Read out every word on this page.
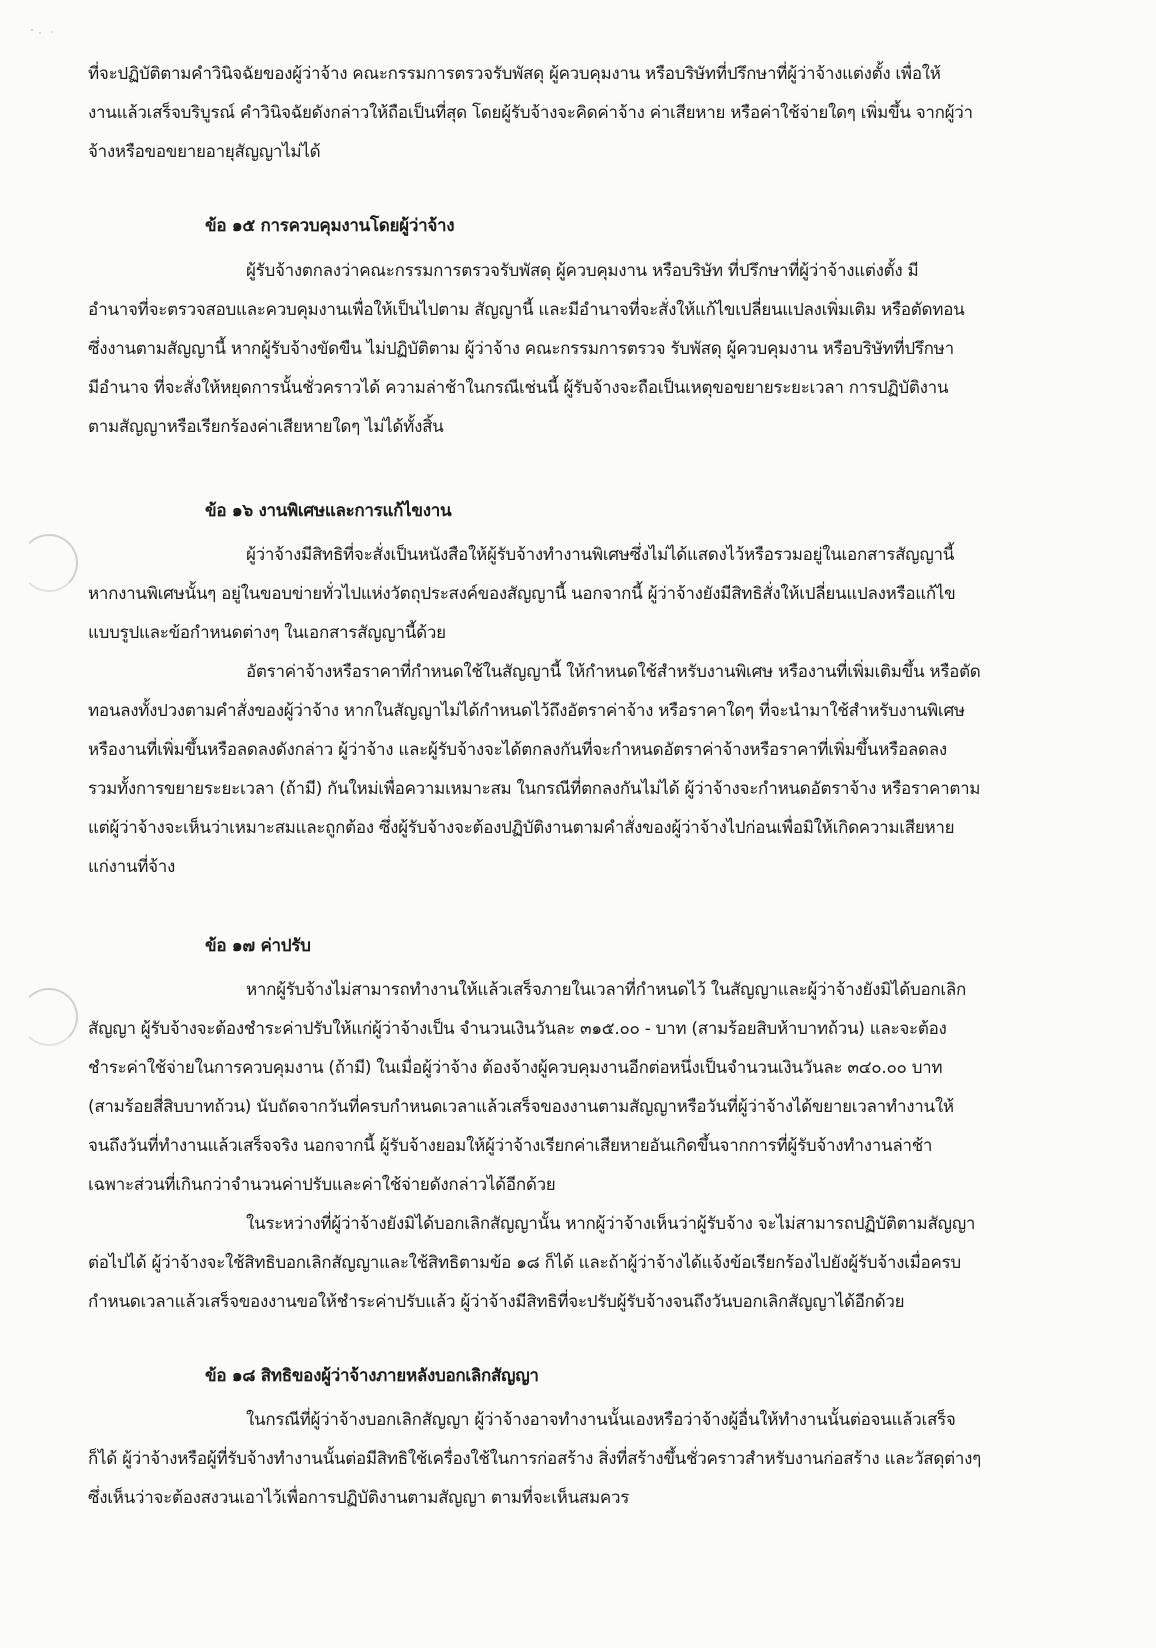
ที่จะปฏิบัติตามคำวินิจฉัยของผู้ว่าจ้าง คณะกรรมการตรวจรับพัสดุ ผู้ควบคุมงาน หรือบริษัทที่ปรึกษาที่ผู้ว่าจ้างแต่งตั้ง เพื่อให้
งานแล้วเสร็จบริบูรณ์ คำวินิจฉัยดังกล่าวให้ถือเป็นที่สุด โดยผู้รับจ้างจะคิดค่าจ้าง ค่าเสียหาย หรือค่าใช้จ่ายใดๆ เพิ่มขึ้น จากผู้ว่า
จ้างหรือขอขยายอายุสัญญาไม่ได้
ข้อ ๑๕ การควบคุมงานโดยผู้ว่าจ้าง
ผู้รับจ้างตกลงว่าคณะกรรมการตรวจรับพัสดุ ผู้ควบคุมงาน หรือบริษัท ที่ปรึกษาที่ผู้ว่าจ้างแต่งตั้ง มี
อำนาจที่จะตรวจสอบและควบคุมงานเพื่อให้เป็นไปตาม สัญญานี้ และมีอำนาจที่จะสั่งให้แก้ไขเปลี่ยนแปลงเพิ่มเติม หรือตัดทอน
ซึ่งงานตามสัญญานี้ หากผู้รับจ้างขัดขืน ไม่ปฏิบัติตาม ผู้ว่าจ้าง คณะกรรมการตรวจ รับพัสดุ ผู้ควบคุมงาน หรือบริษัทที่ปรึกษา
มีอำนาจ ที่จะสั่งให้หยุดการนั้นชั่วคราวได้ ความล่าช้าในกรณีเช่นนี้ ผู้รับจ้างจะถือเป็นเหตุขอขยายระยะเวลา การปฏิบัติงาน
ตามสัญญาหรือเรียกร้องค่าเสียหายใดๆ ไม่ได้ทั้งสิ้น
ข้อ ๑๖ งานพิเศษและการแก้ไขงาน
ผู้ว่าจ้างมีสิทธิที่จะสั่งเป็นหนังสือให้ผู้รับจ้างทำงานพิเศษซึ่งไม่ได้แสดงไว้หรือรวมอยู่ในเอกสารสัญญานี้
หากงานพิเศษนั้นๆ อยู่ในขอบข่ายทั่วไปแห่งวัตถุประสงค์ของสัญญานี้ นอกจากนี้ ผู้ว่าจ้างยังมีสิทธิสั่งให้เปลี่ยนแปลงหรือแก้ไข
แบบรูปและข้อกำหนดต่างๆ ในเอกสารสัญญานี้ด้วย
อัตราค่าจ้างหรือราคาที่กำหนดใช้ในสัญญานี้ ให้กำหนดใช้สำหรับงานพิเศษ หรืองานที่เพิ่มเติมขึ้น หรือตัด
ทอนลงทั้งปวงตามคำสั่งของผู้ว่าจ้าง หากในสัญญาไม่ได้กำหนดไว้ถึงอัตราค่าจ้าง หรือราคาใดๆ ที่จะนำมาใช้สำหรับงานพิเศษ
หรืองานที่เพิ่มขึ้นหรือลดลงดังกล่าว ผู้ว่าจ้าง และผู้รับจ้างจะได้ตกลงกันที่จะกำหนดอัตราค่าจ้างหรือราคาที่เพิ่มขึ้นหรือลดลง
รวมทั้งการขยายระยะเวลา (ถ้ามี) กันใหม่เพื่อความเหมาะสม ในกรณีที่ตกลงกันไม่ได้ ผู้ว่าจ้างจะกำหนดอัตราจ้าง หรือราคาตาม
แต่ผู้ว่าจ้างจะเห็นว่าเหมาะสมและถูกต้อง ซึ่งผู้รับจ้างจะต้องปฏิบัติงานตามคำสั่งของผู้ว่าจ้างไปก่อนเพื่อมิให้เกิดความเสียหาย
แก่งานที่จ้าง
ข้อ ๑๗ ค่าปรับ
หากผู้รับจ้างไม่สามารถทำงานให้แล้วเสร็จภายในเวลาที่กำหนดไว้ ในสัญญาและผู้ว่าจ้างยังมิได้บอกเลิก
สัญญา ผู้รับจ้างจะต้องชำระค่าปรับให้แก่ผู้ว่าจ้างเป็น จำนวนเงินวันละ ๓๑๕.๐๐ - บาท (สามร้อยสิบห้าบาทถ้วน) และจะต้อง
ชำระค่าใช้จ่ายในการควบคุมงาน (ถ้ามี) ในเมื่อผู้ว่าจ้าง ต้องจ้างผู้ควบคุมงานอีกต่อหนึ่งเป็นจำนวนเงินวันละ ๓๔๐.๐๐ บาท
(สามร้อยสี่สิบบาทถ้วน) นับถัดจากวันที่ครบกำหนดเวลาแล้วเสร็จของงานตามสัญญาหรือวันที่ผู้ว่าจ้างได้ขยายเวลาทำงานให้
จนถึงวันที่ทำงานแล้วเสร็จจริง นอกจากนี้ ผู้รับจ้างยอมให้ผู้ว่าจ้างเรียกค่าเสียหายอันเกิดขึ้นจากการที่ผู้รับจ้างทำงานล่าช้า
เฉพาะส่วนที่เกินกว่าจำนวนค่าปรับและค่าใช้จ่ายดังกล่าวได้อีกด้วย
ในระหว่างที่ผู้ว่าจ้างยังมิได้บอกเลิกสัญญานั้น หากผู้ว่าจ้างเห็นว่าผู้รับจ้าง จะไม่สามารถปฏิบัติตามสัญญา
ต่อไปได้ ผู้ว่าจ้างจะใช้สิทธิบอกเลิกสัญญาและใช้สิทธิตามข้อ ๑๘ ก็ได้ และถ้าผู้ว่าจ้างได้แจ้งข้อเรียกร้องไปยังผู้รับจ้างเมื่อครบ
กำหนดเวลาแล้วเสร็จของงานขอให้ชำระค่าปรับแล้ว ผู้ว่าจ้างมีสิทธิที่จะปรับผู้รับจ้างจนถึงวันบอกเลิกสัญญาได้อีกด้วย
ข้อ ๑๘ สิทธิของผู้ว่าจ้างภายหลังบอกเลิกสัญญา
ในกรณีที่ผู้ว่าจ้างบอกเลิกสัญญา ผู้ว่าจ้างอาจทำงานนั้นเองหรือว่าจ้างผู้อื่นให้ทำงานนั้นต่อจนแล้วเสร็จ
ก็ได้ ผู้ว่าจ้างหรือผู้ที่รับจ้างทำงานนั้นต่อมีสิทธิใช้เครื่องใช้ในการก่อสร้าง สิ่งที่สร้างขึ้นชั่วคราวสำหรับงานก่อสร้าง และวัสดุต่างๆ
ซึ่งเห็นว่าจะต้องสงวนเอาไว้เพื่อการปฏิบัติงานตามสัญญา ตามที่จะเห็นสมควร
